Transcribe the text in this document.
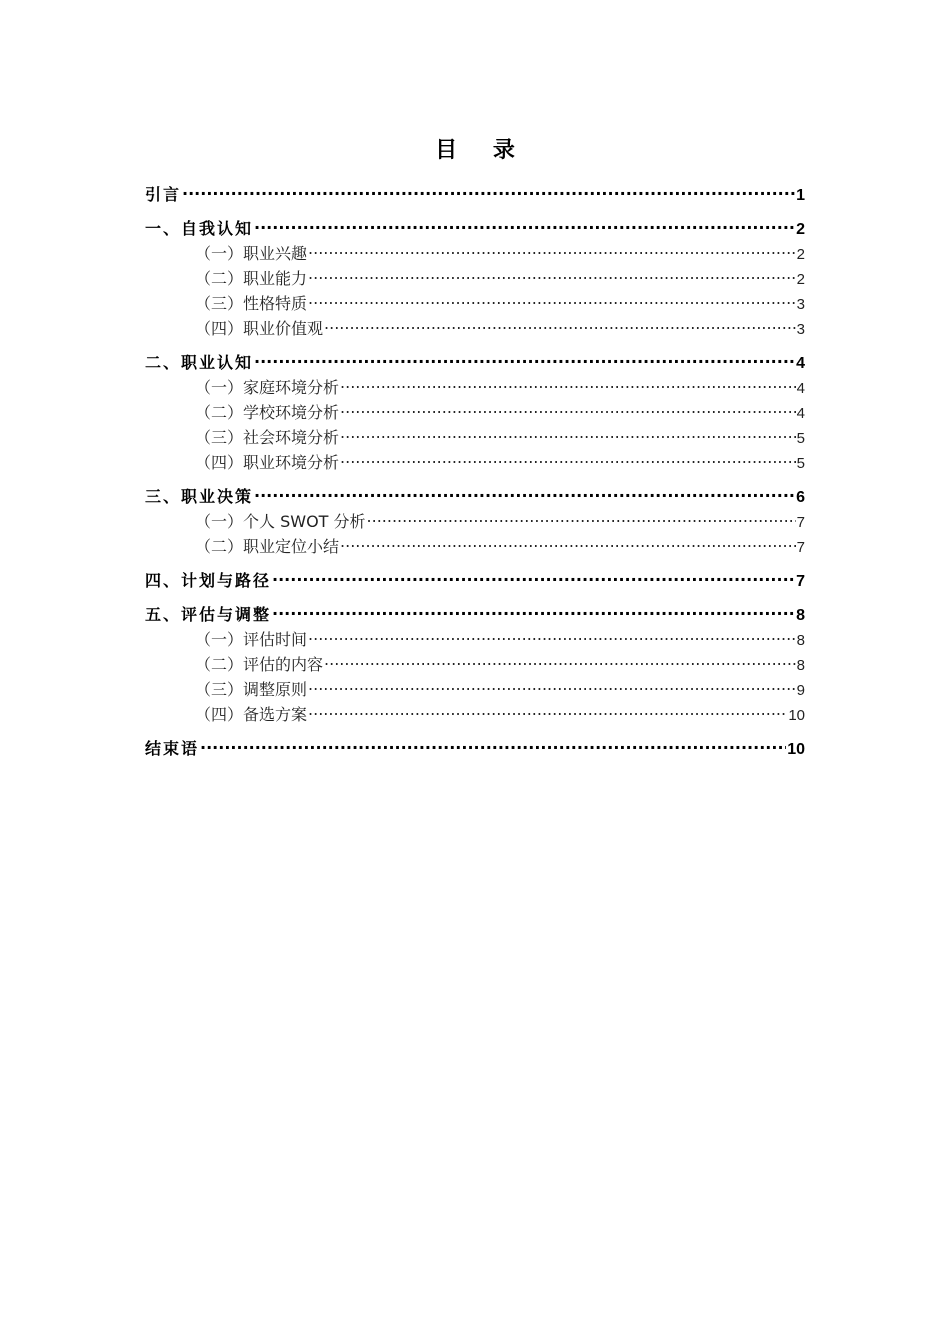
目 录
引言 .....	1
一、自我认知 .....	2
（一）职业兴趣 .....	2
（二）职业能力 .....	2
（三）性格特质 .....	3
（四）职业价值观 .....	3
二、职业认知 .....	4
（一）家庭环境分析 .....	4
（二）学校环境分析 .....	4
（三）社会环境分析 .....	5
（四）职业环境分析 .....	5
三、职业决策 .....	6
（一）个人 SWOT 分析 .....	7
（二）职业定位小结 .....	7
四、计划与路径 .....	7
五、评估与调整 .....	8
（一）评估时间 .....	8
（二）评估的内容 .....	8
（三）调整原则 .....	9
（四）备选方案 .....	10
结束语 .....	10
